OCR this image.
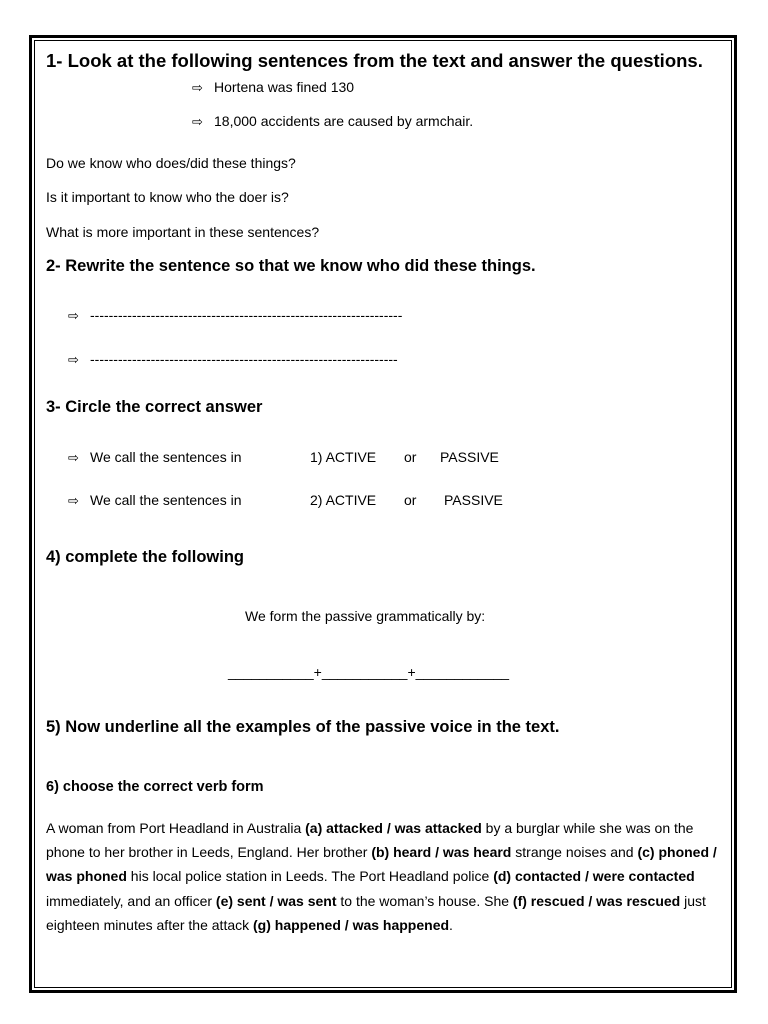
1- Look at the following sentences from the text and answer the questions.
⇨ Hortena was fined 130
⇨ 18,000 accidents are caused by armchair.
Do we know who does/did these things?
Is it important to know who the doer is?
What is more important in these sentences?
2- Rewrite the sentence so that we know who did these things.
⇨ -------------------------------------------------------------------
⇨ ------------------------------------------------------------------
3- Circle the correct answer
⇨ We call the sentences in	1) ACTIVE or PASSIVE
⇨ We call the sentences in	2) ACTIVE or PASSIVE
4) complete the following
We form the passive grammatically by:
___________+___________+____________
5) Now underline all the examples of the passive voice in the text.
6) choose the correct verb form
A woman from Port Headland in Australia (a) attacked / was attacked by a burglar while she was on the phone to her brother in Leeds, England. Her brother (b) heard / was heard strange noises and (c) phoned / was phoned his local police station in Leeds. The Port Headland police (d) contacted / were contacted immediately, and an officer (e) sent / was sent to the woman’s house. She (f) rescued / was rescued just eighteen minutes after the attack (g) happened / was happened.
